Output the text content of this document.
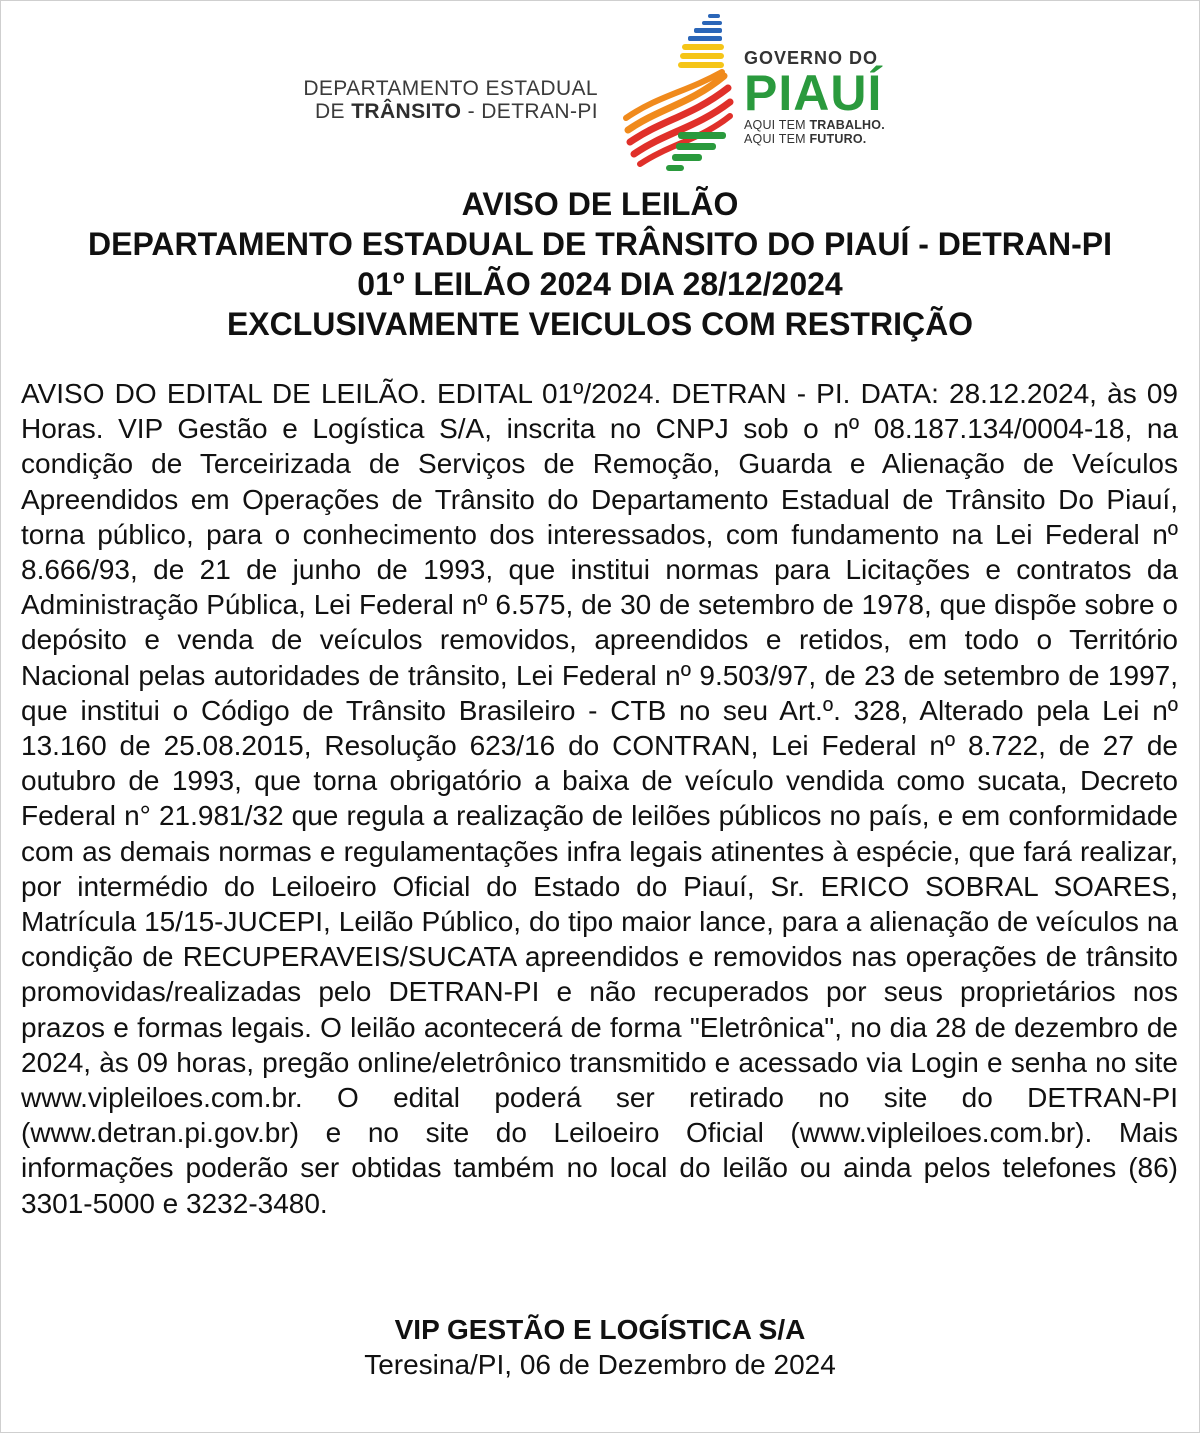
DEPARTAMENTO ESTADUAL
DE TRÂNSITO - DETRAN-PI
GOVERNO DO
PIAUÍ
AQUI TEM TRABALHO.
AQUI TEM FUTURO.
AVISO DE LEILÃO
DEPARTAMENTO ESTADUAL DE TRÂNSITO DO PIAUÍ - DETRAN-PI
01º LEILÃO 2024 DIA 28/12/2024
EXCLUSIVAMENTE VEICULOS COM RESTRIÇÃO

AVISO DO EDITAL DE LEILÃO. EDITAL 01º/2024. DETRAN - PI. DATA: 28.12.2024, às 09 Horas. VIP Gestão e Logística S/A, inscrita no CNPJ sob o nº 08.187.134/0004-18, na condição de Terceirizada de Serviços de Remoção, Guarda e Alienação de Veículos Apreendidos em Operações de Trânsito do Departamento Estadual de Trânsito Do Piauí, torna público, para o conhecimento dos interessados, com fundamento na Lei Federal nº 8.666/93, de 21 de junho de 1993, que institui normas para Licitações e contratos da Administração Pública, Lei Federal nº 6.575, de 30 de setembro de 1978, que dispõe sobre o depósito e venda de veículos removidos, apreendidos e retidos, em todo o Território Nacional pelas autoridades de trânsito, Lei Federal nº 9.503/97, de 23 de setembro de 1997, que institui o Código de Trânsito Brasileiro - CTB no seu Art.º. 328, Alterado pela Lei nº 13.160 de 25.08.2015, Resolução 623/16 do CONTRAN, Lei Federal nº 8.722, de 27 de outubro de 1993, que torna obrigatório a baixa de veículo vendida como sucata, Decreto Federal n° 21.981/32 que regula a realização de leilões públicos no país, e em conformidade com as demais normas e regulamentações infra legais atinentes à espécie, que fará realizar, por intermédio do Leiloeiro Oficial do Estado do Piauí, Sr. ERICO SOBRAL SOARES, Matrícula 15/15-JUCEPI, Leilão Público, do tipo maior lance, para a alienação de veículos na condição de RECUPERAVEIS/SUCATA apreendidos e removidos nas operações de trânsito promovidas/realizadas pelo DETRAN-PI e não recuperados por seus proprietários nos prazos e formas legais. O leilão acontecerá de forma "Eletrônica", no dia 28 de dezembro de 2024, às 09 horas, pregão online/eletrônico transmitido e acessado via Login e senha no site www.vipleiloes.com.br. O edital poderá ser retirado no site do DETRAN-PI (www.detran.pi.gov.br) e no site do Leiloeiro Oficial (www.vipleiloes.com.br). Mais informações poderão ser obtidas também no local do leilão ou ainda pelos telefones (86) 3301-5000 e 3232-3480.

VIP GESTÃO E LOGÍSTICA S/A
Teresina/PI, 06 de Dezembro de 2024
